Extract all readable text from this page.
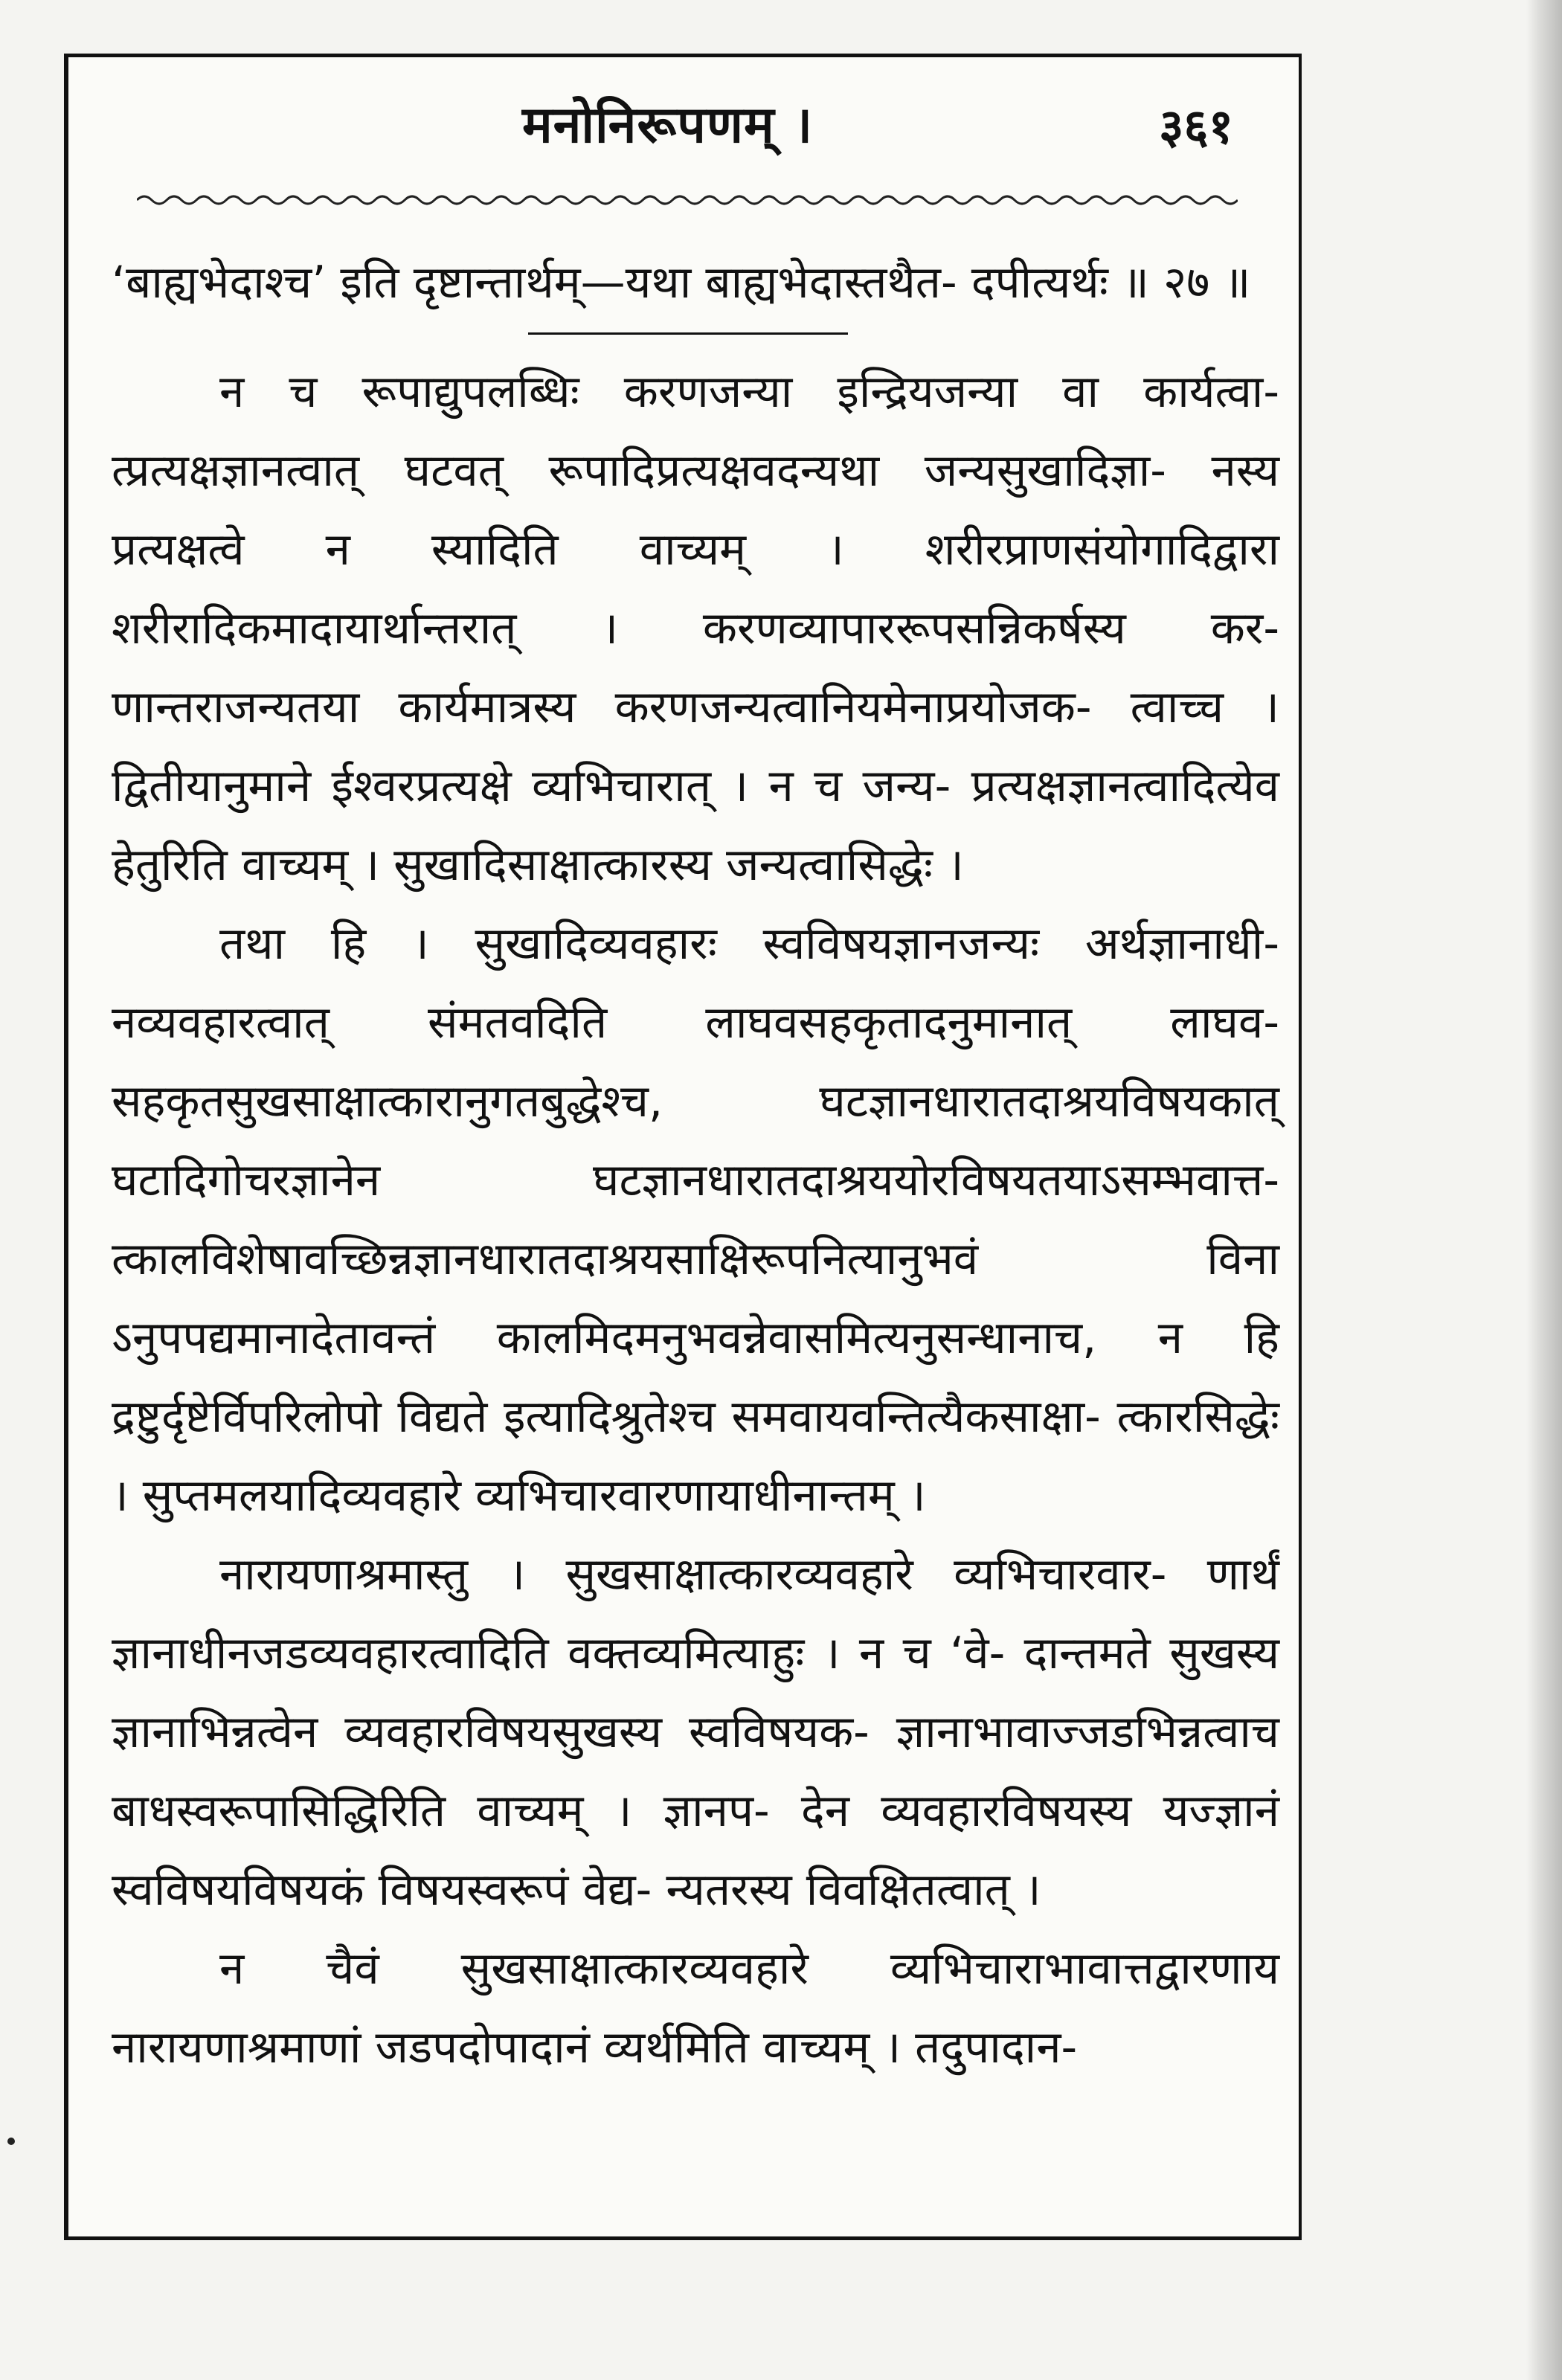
मनोनिरूपणम् ।	३६१

‘बाह्यभेदाश्च’ इति दृष्टान्तार्थम्—यथा बाह्यभेदास्तथैत- दपीत्यर्थः ॥ २७ ॥

न च रूपाद्युपलब्धिः करणजन्या इन्द्रियजन्या वा कार्यत्वा- त्प्रत्यक्षज्ञानत्वात् घटवत् रूपादिप्रत्यक्षवदन्यथा जन्यसुखादिज्ञा- नस्य प्रत्यक्षत्वे न स्यादिति वाच्यम् । शरीरप्राणसंयोगादिद्वारा शरीरादिकमादायार्थान्तरात् । करणव्यापाररूपसन्निकर्षस्य कर- णान्तराजन्यतया कार्यमात्रस्य करणजन्यत्वानियमेनाप्रयोजक- त्वाच्च । द्वितीयानुमाने ईश्वरप्रत्यक्षे व्यभिचारात् । न च जन्य- प्रत्यक्षज्ञानत्वादित्येव हेतुरिति वाच्यम् । सुखादिसाक्षात्कारस्य जन्यत्वासिद्धेः ।

तथा हि । सुखादिव्यवहारः स्वविषयज्ञानजन्यः अर्थज्ञानाधी- नव्यवहारत्वात् संमतवदिति लाघवसहकृतादनुमानात् लाघव- सहकृतसुखसाक्षात्कारानुगतबुद्धेश्च, घटज्ञानधारातदाश्रयविषयकात् घटादिगोचरज्ञानेन घटज्ञानधारातदाश्रययोरविषयतयाऽसम्भवात्त- त्कालविशेषावच्छिन्नज्ञानधारातदाश्रयसाक्षिरूपनित्यानुभवं विना ऽनुपपद्यमानादेतावन्तं कालमिदमनुभवन्नेवासमित्यनुसन्धानाच, न हि द्रष्टुर्दृष्टेर्विपरिलोपो विद्यते इत्यादिश्रुतेश्च समवायवन्तित्यैकसाक्षा- त्कारसिद्धेः । सुप्तमलयादिव्यवहारे व्यभिचारवारणायाधीनान्तम् ।

नारायणाश्रमास्तु । सुखसाक्षात्कारव्यवहारे व्यभिचारवार- णार्थं ज्ञानाधीनजडव्यवहारत्वादिति वक्तव्यमित्याहुः । न च ‘वे- दान्तमते सुखस्य ज्ञानाभिन्नत्वेन व्यवहारविषयसुखस्य स्वविषयक- ज्ञानाभावाज्जडभिन्नत्वाच बाधस्वरूपासिद्धिरिति वाच्यम् । ज्ञानप- देन व्यवहारविषयस्य यज्ज्ञानं स्वविषयविषयकं विषयस्वरूपं वेद्य- न्यतरस्य विवक्षितत्वात् ।

न चैवं सुखसाक्षात्कारव्यवहारे व्यभिचाराभावात्तद्वारणाय नारायणाश्रमाणां जडपदोपादानं व्यर्थमिति वाच्यम् । तदुपादान-
